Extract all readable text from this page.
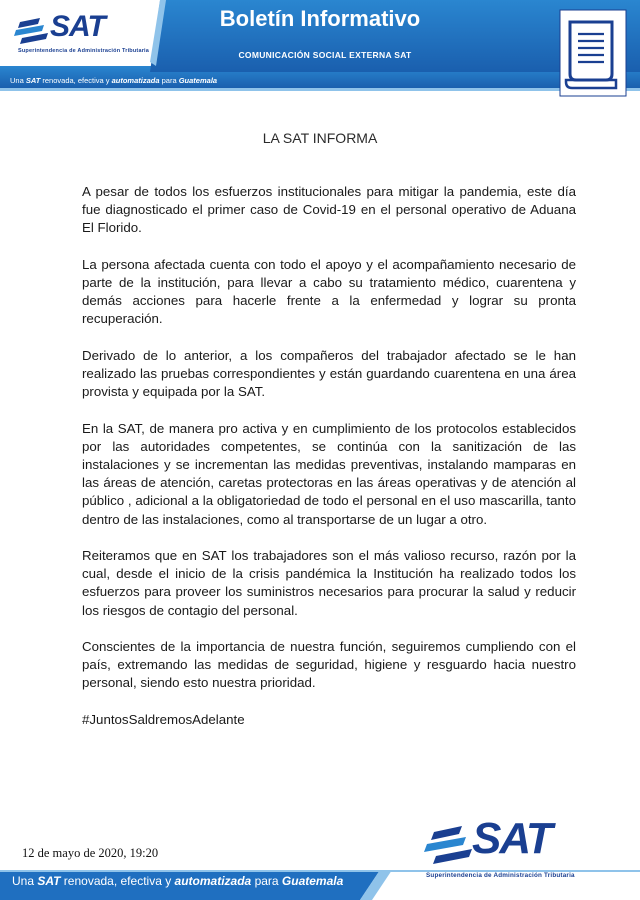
SAT
Superintendencia de Administración Tributaria
Boletín Informativo
COMUNICACIÓN SOCIAL EXTERNA SAT
Una SAT renovada, efectiva y automatizada para Guatemala
LA SAT INFORMA

A pesar de todos los esfuerzos institucionales para mitigar la pandemia, este día fue diagnosticado el primer caso de Covid-19 en el personal operativo de Aduana El Florido.

La persona afectada cuenta con todo el apoyo y el acompañamiento necesario de parte de la institución, para llevar a cabo su tratamiento médico, cuarentena y demás acciones para hacerle frente a la enfermedad y lograr su pronta recuperación.

Derivado de lo anterior, a los compañeros del trabajador afectado se le han realizado las pruebas correspondientes y están guardando cuarentena en una área provista y equipada por la SAT.

En la SAT, de manera pro activa y en cumplimiento de los protocolos establecidos por las autoridades competentes, se continúa con la sanitización de las instalaciones y se incrementan las medidas preventivas, instalando mamparas en las áreas de atención, caretas protectoras en las áreas operativas y de atención al público , adicional a la obligatoriedad de todo el personal en el uso mascarilla, tanto dentro de las instalaciones, como al transportarse de un lugar a otro.

Reiteramos que en SAT los trabajadores son el más valioso recurso, razón por la cual, desde el inicio de la crisis pandémica la Institución ha realizado todos los esfuerzos para proveer los suministros necesarios para procurar la salud y reducir los riesgos de contagio del personal.

Conscientes de la importancia de nuestra función, seguiremos cumpliendo con el país, extremando las medidas de seguridad, higiene y resguardo hacia nuestro personal, siendo esto nuestra prioridad.

#JuntosSaldremosAdelante

12 de mayo de 2020, 19:20	SAT
Superintendencia de Administración Tributaria
Una SAT renovada, efectiva y automatizada para Guatemala
